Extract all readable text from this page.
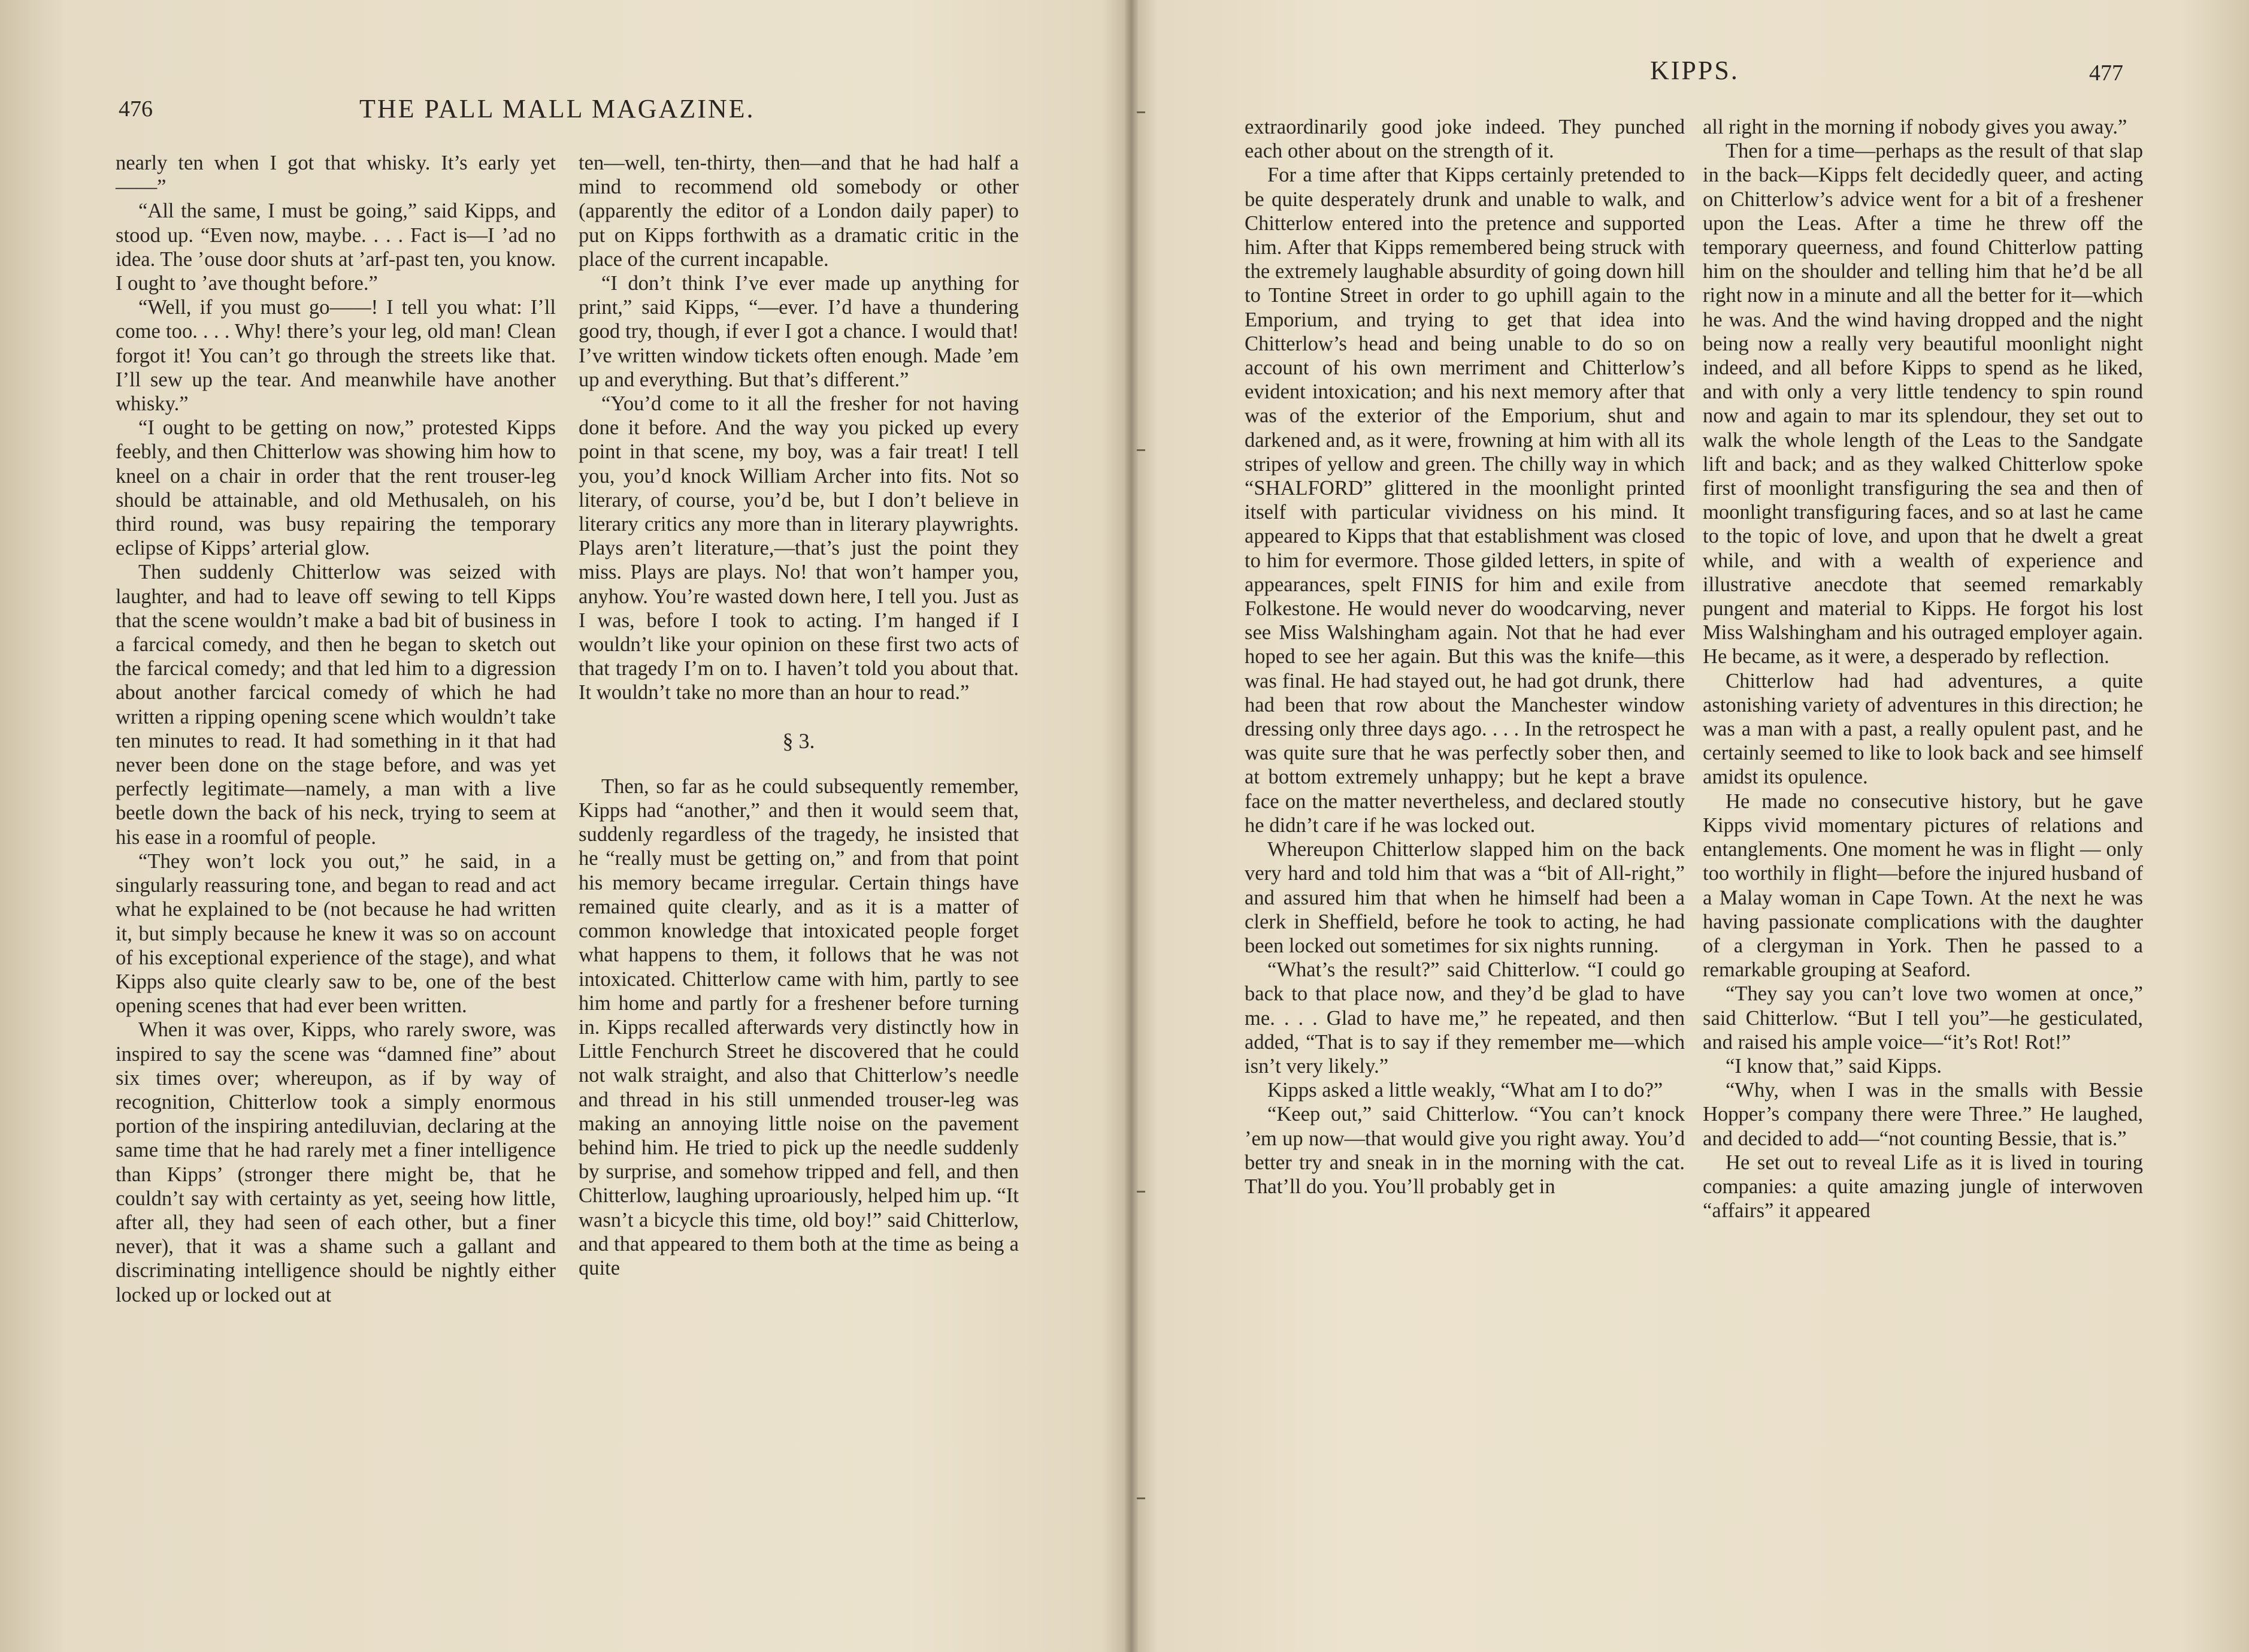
476	THE PALL MALL MAGAZINE.

nearly ten when I got that whisky. It’s early yet——”

“All the same, I must be going,” said Kipps, and stood up. “Even now, maybe. . . . Fact is—I ’ad no idea. The ’ouse door shuts at ’arf-past ten, you know. I ought to ’ave thought before.”

“Well, if you must go——! I tell you what: I’ll come too. . . . Why! there’s your leg, old man! Clean forgot it! You can’t go through the streets like that. I’ll sew up the tear. And meanwhile have another whisky.”

“I ought to be getting on now,” protested Kipps feebly, and then Chitterlow was showing him how to kneel on a chair in order that the rent trouser-leg should be attainable, and old Methusaleh, on his third round, was busy repairing the temporary eclipse of Kipps’ arterial glow.

Then suddenly Chitterlow was seized with laughter, and had to leave off sewing to tell Kipps that the scene wouldn’t make a bad bit of business in a farcical comedy, and then he began to sketch out the farcical comedy; and that led him to a digression about another farcical comedy of which he had written a ripping opening scene which wouldn’t take ten minutes to read. It had something in it that had never been done on the stage before, and was yet perfectly legitimate—namely, a man with a live beetle down the back of his neck, trying to seem at his ease in a roomful of people.

“They won’t lock you out,” he said, in a singularly reassuring tone, and began to read and act what he explained to be (not because he had written it, but simply because he knew it was so on account of his exceptional experience of the stage), and what Kipps also quite clearly saw to be, one of the best opening scenes that had ever been written.

When it was over, Kipps, who rarely swore, was inspired to say the scene was “damned fine” about six times over; whereupon, as if by way of recognition, Chitterlow took a simply enormous portion of the inspiring antediluvian, declaring at the same time that he had rarely met a finer intelligence than Kipps’ (stronger there might be, that he couldn’t say with certainty as yet, seeing how little, after all, they had seen of each other, but a finer never), that it was a shame such a gallant and discriminating intelligence should be nightly either locked up or locked out at

ten—well, ten-thirty, then—and that he had half a mind to recommend old somebody or other (apparently the editor of a London daily paper) to put on Kipps forthwith as a dramatic critic in the place of the current incapable.

“I don’t think I’ve ever made up anything for print,” said Kipps, “—ever. I’d have a thundering good try, though, if ever I got a chance. I would that! I’ve written window tickets often enough. Made ’em up and everything. But that’s different.”

“You’d come to it all the fresher for not having done it before. And the way you picked up every point in that scene, my boy, was a fair treat! I tell you, you’d knock William Archer into fits. Not so literary, of course, you’d be, but I don’t believe in literary critics any more than in literary playwrights. Plays aren’t literature,—that’s just the point they miss. Plays are plays. No! that won’t hamper you, anyhow. You’re wasted down here, I tell you. Just as I was, before I took to acting. I’m hanged if I wouldn’t like your opinion on these first two acts of that tragedy I’m on to. I haven’t told you about that. It wouldn’t take no more than an hour to read.”

§ 3.

Then, so far as he could subsequently remember, Kipps had “another,” and then it would seem that, suddenly regardless of the tragedy, he insisted that he “really must be getting on,” and from that point his memory became irregular. Certain things have remained quite clearly, and as it is a matter of common knowledge that intoxicated people forget what happens to them, it follows that he was not intoxicated. Chitterlow came with him, partly to see him home and partly for a freshener before turning in. Kipps recalled afterwards very distinctly how in Little Fenchurch Street he discovered that he could not walk straight, and also that Chitterlow’s needle and thread in his still unmended trouser-leg was making an annoying little noise on the pavement behind him. He tried to pick up the needle suddenly by surprise, and somehow tripped and fell, and then Chitterlow, laughing uproariously, helped him up. “It wasn’t a bicycle this time, old boy!” said Chitterlow, and that appeared to them both at the time as being a quite

KIPPS.	477

extraordinarily good joke indeed. They punched each other about on the strength of it.

For a time after that Kipps certainly pretended to be quite desperately drunk and unable to walk, and Chitterlow entered into the pretence and supported him. After that Kipps remembered being struck with the extremely laughable absurdity of going down hill to Tontine Street in order to go uphill again to the Emporium, and trying to get that idea into Chitterlow’s head and being unable to do so on account of his own merriment and Chitterlow’s evident intoxication; and his next memory after that was of the exterior of the Emporium, shut and darkened and, as it were, frowning at him with all its stripes of yellow and green. The chilly way in which “SHALFORD” glittered in the moonlight printed itself with particular vividness on his mind. It appeared to Kipps that that establishment was closed to him for evermore. Those gilded letters, in spite of appearances, spelt FINIS for him and exile from Folkestone. He would never do woodcarving, never see Miss Walshingham again. Not that he had ever hoped to see her again. But this was the knife—this was final. He had stayed out, he had got drunk, there had been that row about the Manchester window dressing only three days ago. . . . In the retrospect he was quite sure that he was perfectly sober then, and at bottom extremely unhappy; but he kept a brave face on the matter nevertheless, and declared stoutly he didn’t care if he was locked out.

Whereupon Chitterlow slapped him on the back very hard and told him that was a “bit of All-right,” and assured him that when he himself had been a clerk in Sheffield, before he took to acting, he had been locked out sometimes for six nights running.

“What’s the result?” said Chitterlow. “I could go back to that place now, and they’d be glad to have me. . . . Glad to have me,” he repeated, and then added, “That is to say if they remember me—which isn’t very likely.”

Kipps asked a little weakly, “What am I to do?”

“Keep out,” said Chitterlow. “You can’t knock ’em up now—that would give you right away. You’d better try and sneak in in the morning with the cat. That’ll do you. You’ll probably get in

all right in the morning if nobody gives you away.”

Then for a time—perhaps as the result of that slap in the back—Kipps felt decidedly queer, and acting on Chitterlow’s advice went for a bit of a freshener upon the Leas. After a time he threw off the temporary queerness, and found Chitterlow patting him on the shoulder and telling him that he’d be all right now in a minute and all the better for it—which he was. And the wind having dropped and the night being now a really very beautiful moonlight night indeed, and all before Kipps to spend as he liked, and with only a very little tendency to spin round now and again to mar its splendour, they set out to walk the whole length of the Leas to the Sandgate lift and back; and as they walked Chitterlow spoke first of moonlight transfiguring the sea and then of moonlight transfiguring faces, and so at last he came to the topic of love, and upon that he dwelt a great while, and with a wealth of experience and illustrative anecdote that seemed remarkably pungent and material to Kipps. He forgot his lost Miss Walshingham and his outraged employer again. He became, as it were, a desperado by reflection.

Chitterlow had had adventures, a quite astonishing variety of adventures in this direction; he was a man with a past, a really opulent past, and he certainly seemed to like to look back and see himself amidst its opulence.

He made no consecutive history, but he gave Kipps vivid momentary pictures of relations and entanglements. One moment he was in flight — only too worthily in flight—before the injured husband of a Malay woman in Cape Town. At the next he was having passionate complications with the daughter of a clergyman in York. Then he passed to a remarkable grouping at Seaford.

“They say you can’t love two women at once,” said Chitterlow. “But I tell you”—he gesticulated, and raised his ample voice—“it’s Rot! Rot!”

“I know that,” said Kipps.

“Why, when I was in the smalls with Bessie Hopper’s company there were Three.” He laughed, and decided to add—“not counting Bessie, that is.”

He set out to reveal Life as it is lived in touring companies: a quite amazing jungle of interwoven “affairs” it appeared
